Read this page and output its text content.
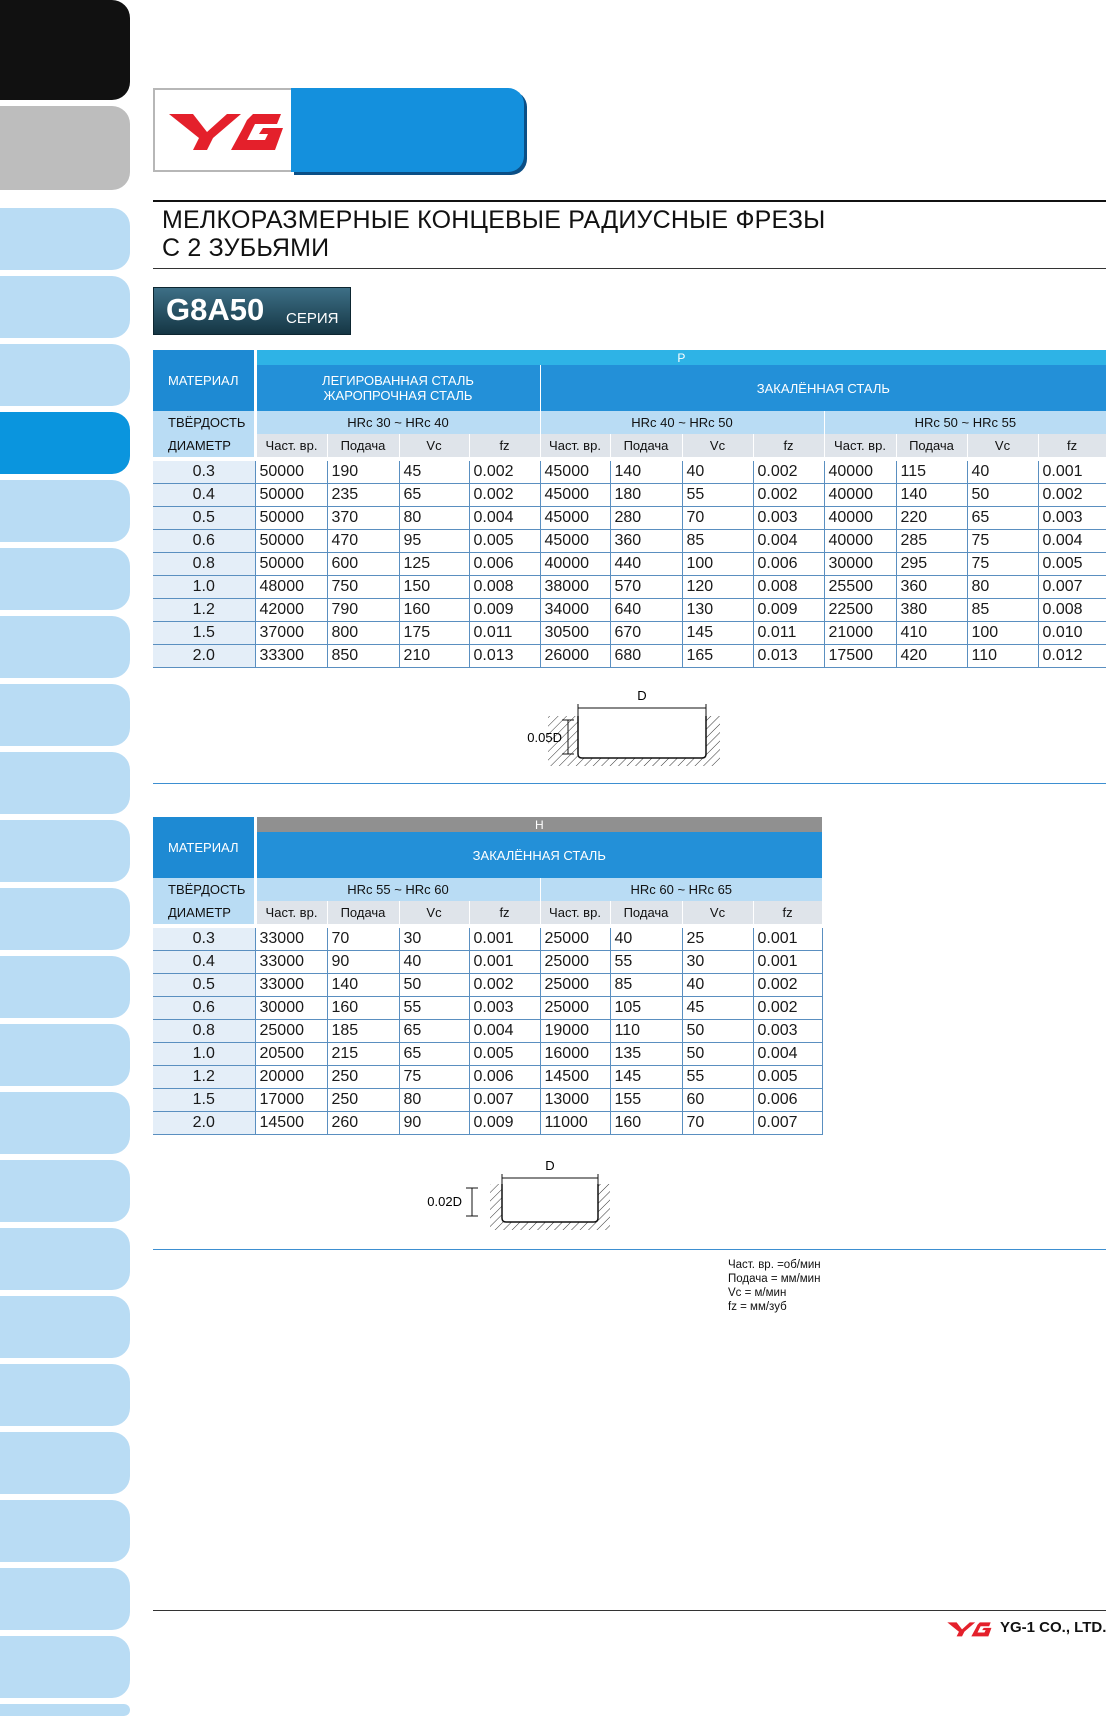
МЕЛКОРАЗМЕРНЫЕ КОНЦЕВЫЕ РАДИУСНЫЕ ФРЕЗЫ
С 2 ЗУБЬЯМИ
G8A50 СЕРИЯ
МАТЕРИАЛ	P											

	ЛЕГИРОВАННАЯ СТАЛЬ
ЖАРОПРОЧНАЯ СТАЛЬ				ЗАКАЛЁННАЯ СТАЛЬ							
ТВЁРДОСТЬ	HRc 30 ~ HRc 40				HRc 40 ~ HRc 50				HRc 50 ~ HRc 55			
ДИАМЕТР	Част. вр.	Подача	Vc	fz	Част. вр.	Подача	Vc	fz	Част. вр.	Подача	Vc	fz

0.3	50000	190	45	0.002	45000	140	40	0.002	40000	115	40	0.001
0.4	50000	235	65	0.002	45000	180	55	0.002	40000	140	50	0.002
0.5	50000	370	80	0.004	45000	280	70	0.003	40000	220	65	0.003
0.6	50000	470	95	0.005	45000	360	85	0.004	40000	285	75	0.004
0.8	50000	600	125	0.006	40000	440	100	0.006	30000	295	75	0.005
1.0	48000	750	150	0.008	38000	570	120	0.008	25500	360	80	0.007
1.2	42000	790	160	0.009	34000	640	130	0.009	22500	380	85	0.008
1.5	37000	800	175	0.011	30500	670	145	0.011	21000	410	100	0.010
2.0	33300	850	210	0.013	26000	680	165	0.013	17500	420	110	0.012
D
0.05D
МАТЕРИАЛ	H							
	ЗАКАЛЁННАЯ СТАЛЬ							
ТВЁРДОСТЬ	HRc 55 ~ HRc 60				HRc 60 ~ HRc 65			
ДИАМЕТР	Част. вр.	Подача	Vc	fz	Част. вр.	Подача	Vc	fz

0.3	33000	70	30	0.001	25000	40	25	0.001
0.4	33000	90	40	0.001	25000	55	30	0.001
0.5	33000	140	50	0.002	25000	85	40	0.002
0.6	30000	160	55	0.003	25000	105	45	0.002
0.8	25000	185	65	0.004	19000	110	50	0.003
1.0	20500	215	65	0.005	16000	135	50	0.004
1.2	20000	250	75	0.006	14500	145	55	0.005
1.5	17000	250	80	0.007	13000	155	60	0.006
2.0	14500	260	90	0.009	11000	160	70	0.007
D
0.02D
Част. вр. =об/мин
Подача = мм/мин
Vc = м/мин
fz = мм/зуб
YG-1 CO., LTD.
